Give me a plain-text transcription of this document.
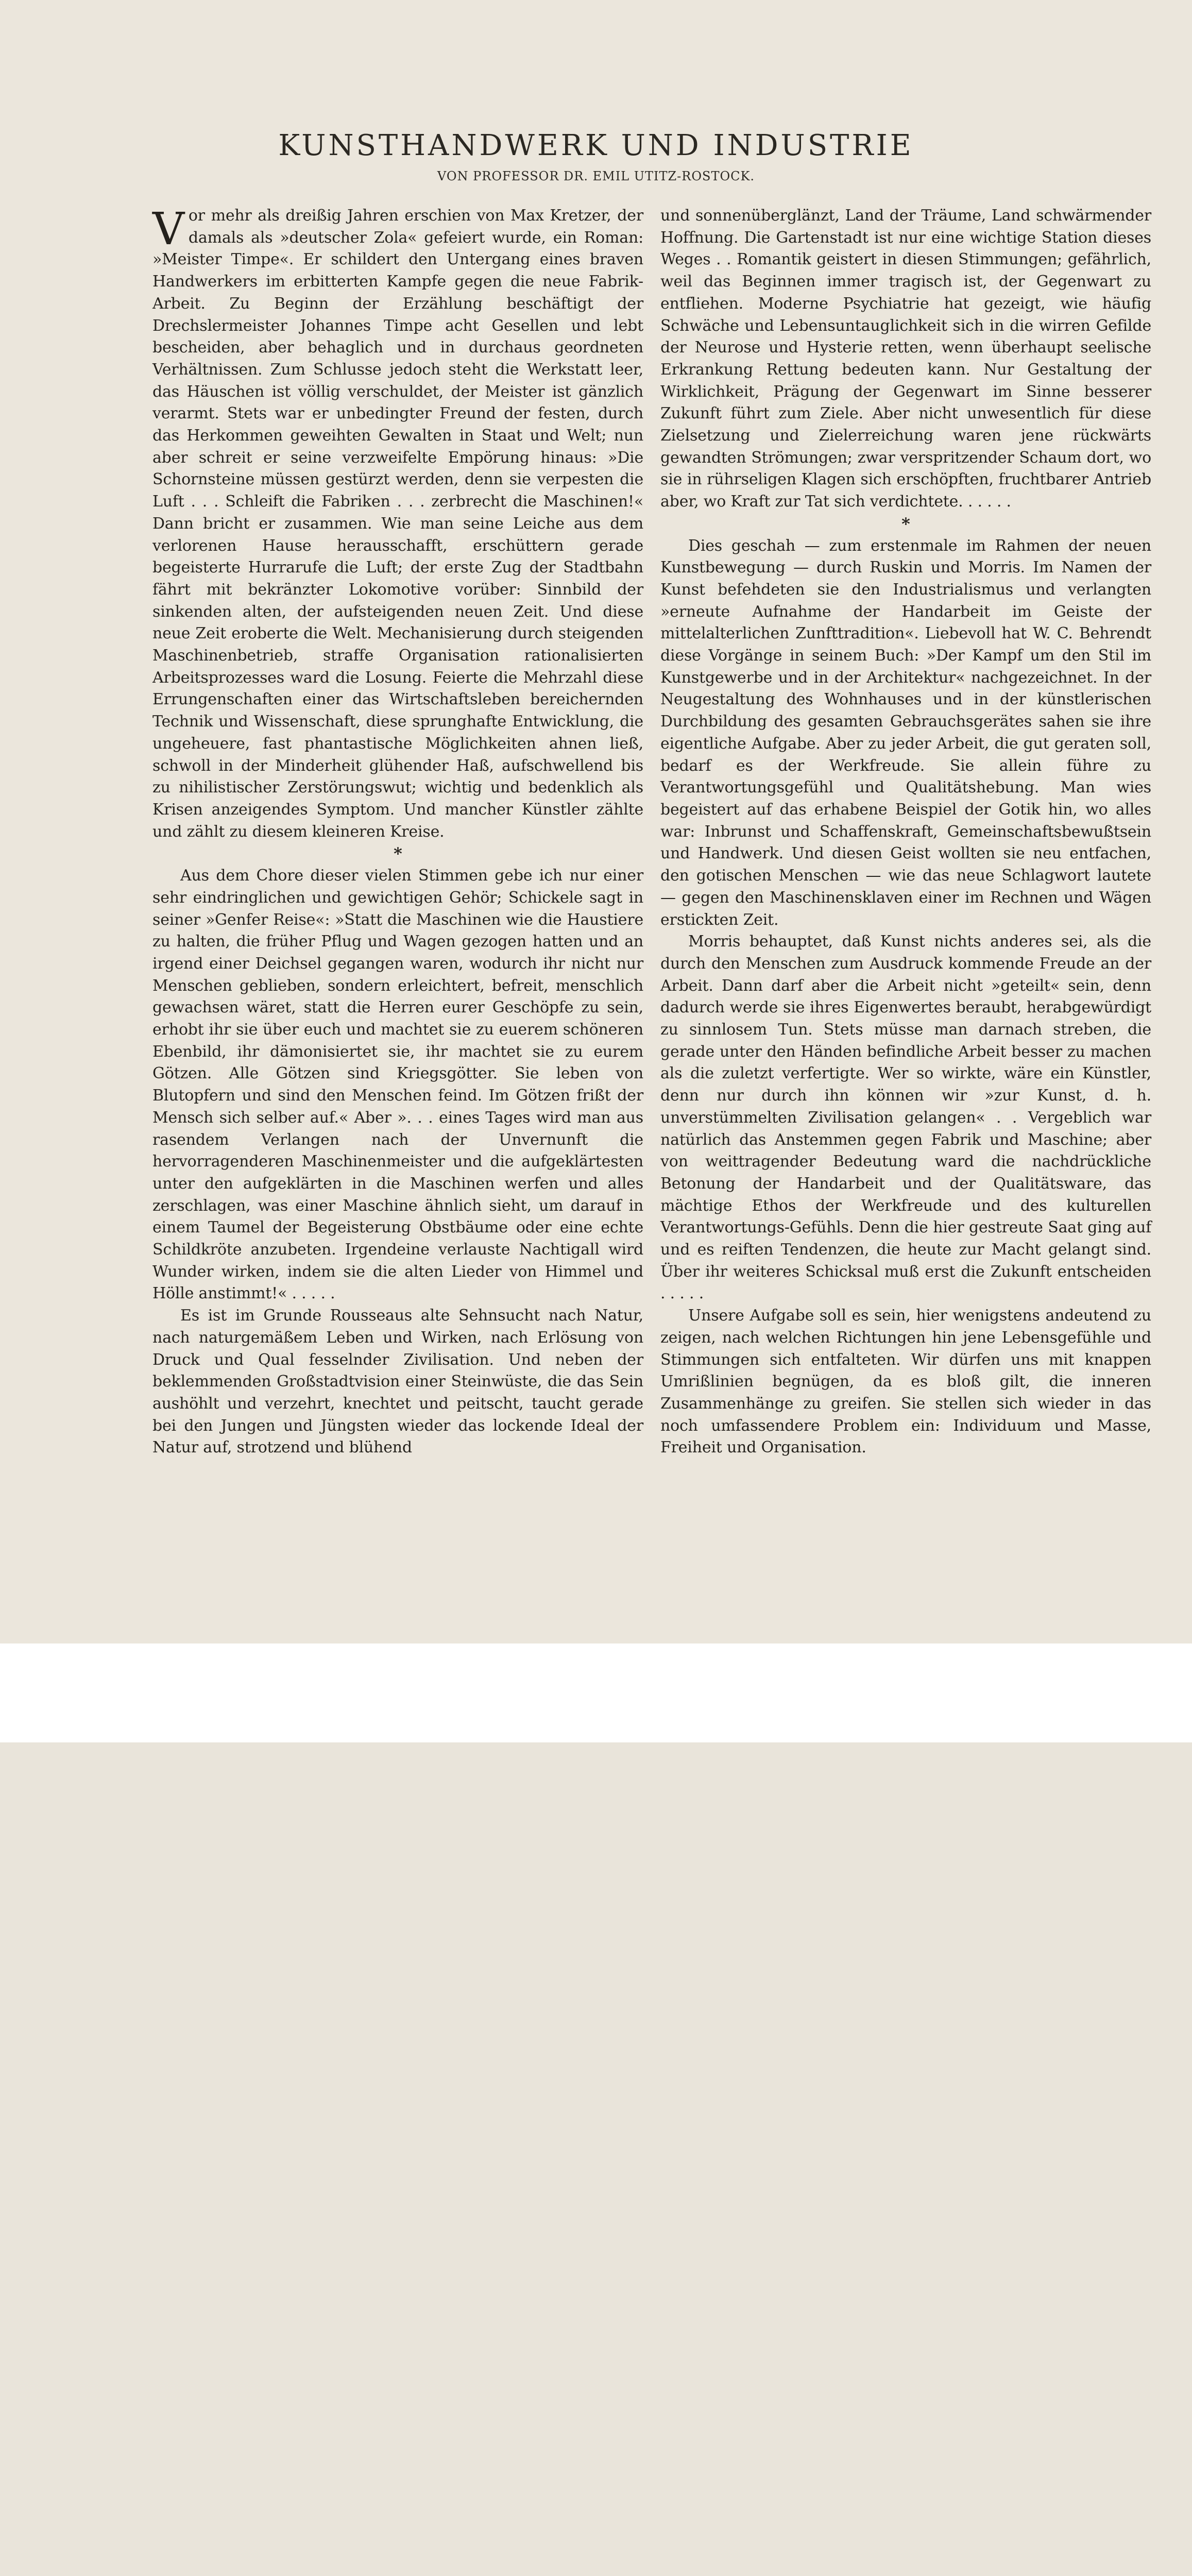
KUNSTHANDWERK UND INDUSTRIE
VON PROFESSOR DR. EMIL UTITZ-ROSTOCK.

Vor mehr als dreißig Jahren erschien von Max Kretzer, der damals als »deutscher Zola« gefeiert wurde, ein Roman: »Meister Timpe«. Er schildert den Untergang eines braven Handwerkers im erbitterten Kampfe gegen die neue Fabrik-Arbeit. Zu Beginn der Erzählung beschäftigt der Drechslermeister Johannes Timpe acht Gesellen und lebt bescheiden, aber behaglich und in durchaus geordneten Verhältnissen. Zum Schlusse jedoch steht die Werkstatt leer, das Häuschen ist völlig verschuldet, der Meister ist gänzlich verarmt. Stets war er unbedingter Freund der festen, durch das Herkommen geweihten Gewalten in Staat und Welt; nun aber schreit er seine verzweifelte Empörung hinaus: »Die Schornsteine müssen gestürzt werden, denn sie verpesten die Luft . . . Schleift die Fabriken . . . zerbrecht die Maschinen!« Dann bricht er zusammen. Wie man seine Leiche aus dem verlorenen Hause herausschafft, erschüttern gerade begeisterte Hurrarufe die Luft; der erste Zug der Stadtbahn fährt mit bekränzter Lokomotive vorüber: Sinnbild der sinkenden alten, der aufsteigenden neuen Zeit. Und diese neue Zeit eroberte die Welt. Mechanisierung durch steigenden Maschinenbetrieb, straffe Organisation rationalisierten Arbeitsprozesses ward die Losung. Feierte die Mehrzahl diese Errungenschaften einer das Wirtschaftsleben bereichernden Technik und Wissenschaft, diese sprunghafte Entwicklung, die ungeheuere, fast phantastische Möglichkeiten ahnen ließ, schwoll in der Minderheit glühender Haß, aufschwellend bis zu nihilistischer Zerstörungswut; wichtig und bedenklich als Krisen anzeigendes Symptom. Und mancher Künstler zählte und zählt zu diesem kleineren Kreise.

*

Aus dem Chore dieser vielen Stimmen gebe ich nur einer sehr eindringlichen und gewichtigen Gehör; Schickele sagt in seiner »Genfer Reise«: »Statt die Maschinen wie die Haustiere zu halten, die früher Pflug und Wagen gezogen hatten und an irgend einer Deichsel gegangen waren, wodurch ihr nicht nur Menschen geblieben, sondern erleichtert, befreit, menschlich gewachsen wäret, statt die Herren eurer Geschöpfe zu sein, erhobt ihr sie über euch und machtet sie zu euerem schöneren Ebenbild, ihr dämonisiertet sie, ihr machtet sie zu eurem Götzen. Alle Götzen sind Kriegsgötter. Sie leben von Blutopfern und sind den Menschen feind. Im Götzen frißt der Mensch sich selber auf.« Aber ». . . eines Tages wird man aus rasendem Verlangen nach der Unvernunft die hervorragenderen Maschinenmeister und die aufgeklärtesten unter den aufgeklärten in die Maschinen werfen und alles zerschlagen, was einer Maschine ähnlich sieht, um darauf in einem Taumel der Begeisterung Obstbäume oder eine echte Schildkröte anzubeten. Irgendeine verlauste Nachtigall wird Wunder wirken, indem sie die alten Lieder von Himmel und Hölle anstimmt!« . . . . .

Es ist im Grunde Rousseaus alte Sehnsucht nach Natur, nach naturgemäßem Leben und Wirken, nach Erlösung von Druck und Qual fesselnder Zivilisation. Und neben der beklemmenden Großstadtvision einer Steinwüste, die das Sein aushöhlt und verzehrt, knechtet und peitscht, taucht gerade bei den Jungen und Jüngsten wieder das lockende Ideal der Natur auf, strotzend und blühend

und sonnenüberglänzt, Land der Träume, Land schwärmender Hoffnung. Die Gartenstadt ist nur eine wichtige Station dieses Weges . . Romantik geistert in diesen Stimmungen; gefährlich, weil das Beginnen immer tragisch ist, der Gegenwart zu entfliehen. Moderne Psychiatrie hat gezeigt, wie häufig Schwäche und Lebensuntauglichkeit sich in die wirren Gefilde der Neurose und Hysterie retten, wenn überhaupt seelische Erkrankung Rettung bedeuten kann. Nur Gestaltung der Wirklichkeit, Prägung der Gegenwart im Sinne besserer Zukunft führt zum Ziele. Aber nicht unwesentlich für diese Zielsetzung und Zielerreichung waren jene rückwärts gewandten Strömungen; zwar verspritzender Schaum dort, wo sie in rührseligen Klagen sich erschöpften, fruchtbarer Antrieb aber, wo Kraft zur Tat sich verdichtete. . . . . .

*

Dies geschah — zum erstenmale im Rahmen der neuen Kunstbewegung — durch Ruskin und Morris. Im Namen der Kunst befehdeten sie den Industrialismus und verlangten »erneute Aufnahme der Handarbeit im Geiste der mittelalterlichen Zunfttradition«. Liebevoll hat W. C. Behrendt diese Vorgänge in seinem Buch: »Der Kampf um den Stil im Kunstgewerbe und in der Architektur« nachgezeichnet. In der Neugestaltung des Wohnhauses und in der künstlerischen Durchbildung des gesamten Gebrauchsgerätes sahen sie ihre eigentliche Aufgabe. Aber zu jeder Arbeit, die gut geraten soll, bedarf es der Werkfreude. Sie allein führe zu Verantwortungsgefühl und Qualitätshebung. Man wies begeistert auf das erhabene Beispiel der Gotik hin, wo alles war: Inbrunst und Schaffenskraft, Gemeinschaftsbewußtsein und Handwerk. Und diesen Geist wollten sie neu entfachen, den gotischen Menschen — wie das neue Schlagwort lautete — gegen den Maschinensklaven einer im Rechnen und Wägen erstickten Zeit.

Morris behauptet, daß Kunst nichts anderes sei, als die durch den Menschen zum Ausdruck kommende Freude an der Arbeit. Dann darf aber die Arbeit nicht »geteilt« sein, denn dadurch werde sie ihres Eigenwertes beraubt, herabgewürdigt zu sinnlosem Tun. Stets müsse man darnach streben, die gerade unter den Händen befindliche Arbeit besser zu machen als die zuletzt verfertigte. Wer so wirkte, wäre ein Künstler, denn nur durch ihn können wir »zur Kunst, d. h. unverstümmelten Zivilisation gelangen« . . Vergeblich war natürlich das Anstemmen gegen Fabrik und Maschine; aber von weittragender Bedeutung ward die nachdrückliche Betonung der Handarbeit und der Qualitätsware, das mächtige Ethos der Werkfreude und des kulturellen Verantwortungs-Gefühls. Denn die hier gestreute Saat ging auf und es reiften Tendenzen, die heute zur Macht gelangt sind. Über ihr weiteres Schicksal muß erst die Zukunft entscheiden . . . . .

Unsere Aufgabe soll es sein, hier wenigstens andeutend zu zeigen, nach welchen Richtungen hin jene Lebensgefühle und Stimmungen sich entfalteten. Wir dürfen uns mit knappen Umrißlinien begnügen, da es bloß gilt, die inneren Zusammenhänge zu greifen. Sie stellen sich wieder in das noch umfassendere Problem ein: Individuum und Masse, Freiheit und Organisation.
